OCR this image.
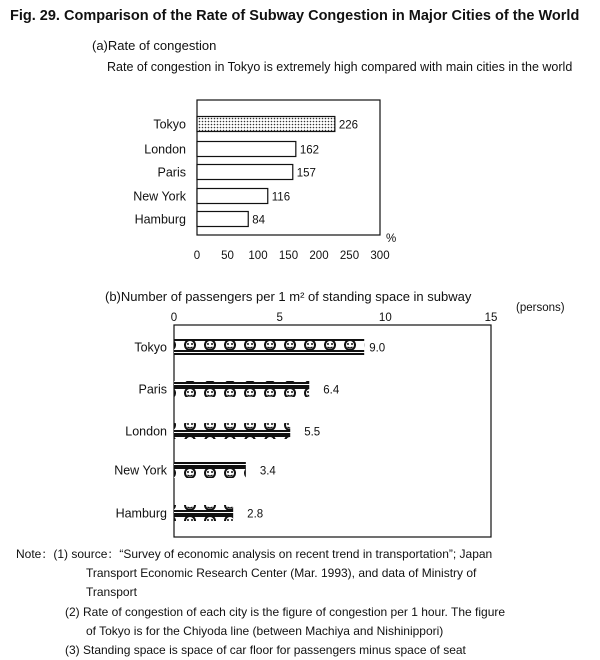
Fig. 29. Comparison of the Rate of Subway Congestion in Major Cities of the World
(a)Rate of congestion
Rate of congestion in Tokyo is extremely high compared with main cities in the world
Tokyo	226
London	162
Paris	157
New York	116
Hamburg	84
0 50 100 150 200 250 300
%
(b)Number of passengers per 1 m² of standing space in subway
0	5	10	15
(persons)
Tokyo	9.0
Paris	6.4
London	5.5
New York	3.4
Hamburg	2.8
Note：(1) source：“Survey of economic analysis on recent trend in transportation”; Japan
Transport Economic Research Center (Mar. 1993), and data of Ministry of
Transport
(2) Rate of congestion of each city is the figure of congestion per 1 hour. The figure
of Tokyo is for the Chiyoda line (between Machiya and Nishinippori)
(3) Standing space is space of car floor for passengers minus space of seat
